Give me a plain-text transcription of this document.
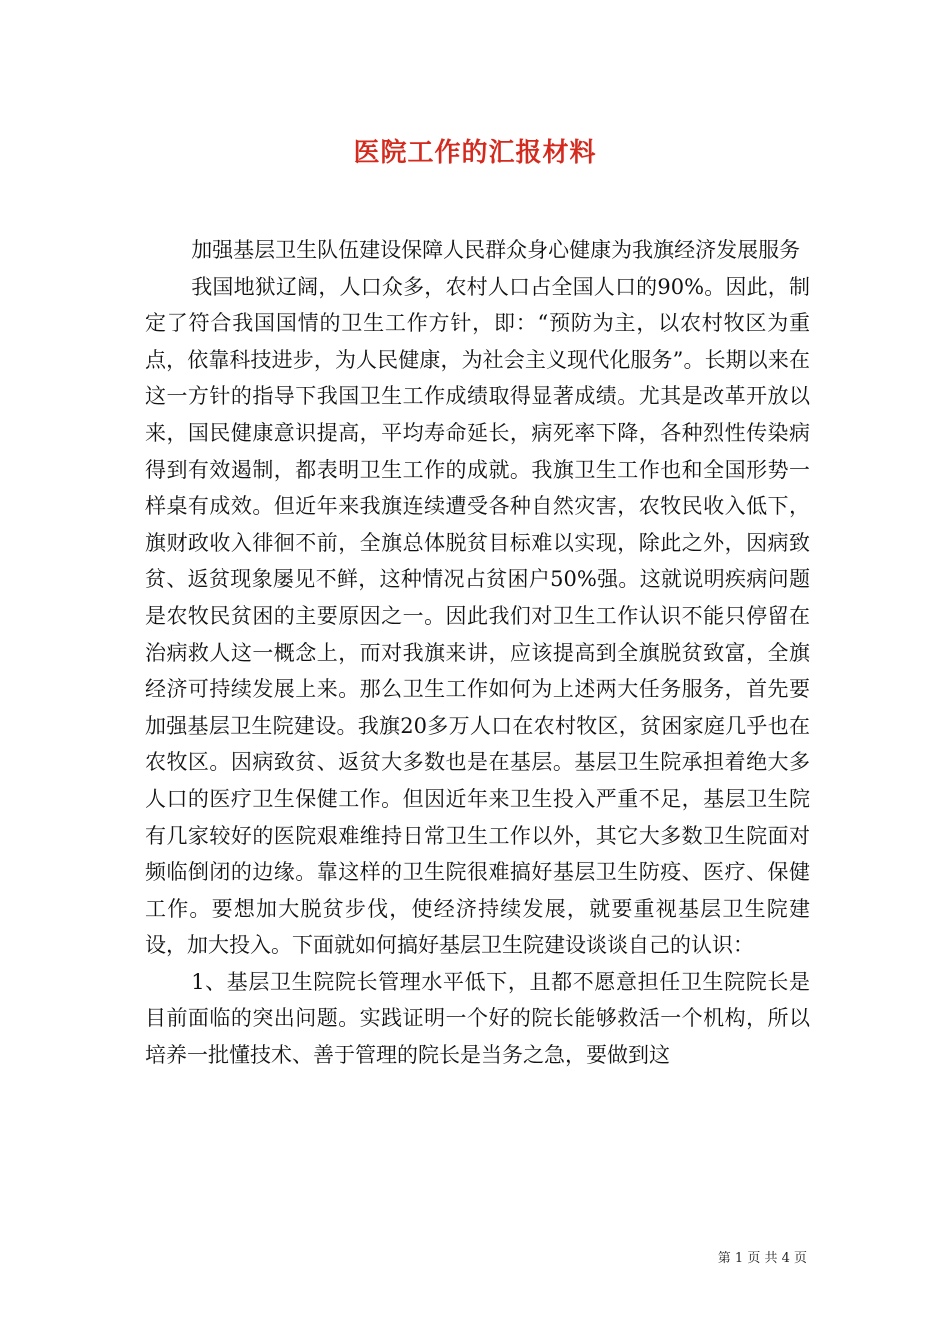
医院工作的汇报材料

加强基层卫生队伍建设保障人民群众身心健康为我旗经济发展服务

我国地狱辽阔，人口众多，农村人口占全国人口的90%。因此，制定了符合我国国情的卫生工作方针，即：“预防为主，以农村牧区为重点，依靠科技进步，为人民健康，为社会主义现代化服务”。长期以来在这一方针的指导下我国卫生工作成绩取得显著成绩。尤其是改革开放以来，国民健康意识提高，平均寿命延长，病死率下降，各种烈性传染病得到有效遏制，都表明卫生工作的成就。我旗卫生工作也和全国形势一样桌有成效。但近年来我旗连续遭受各种自然灾害，农牧民收入低下，旗财政收入徘徊不前，全旗总体脱贫目标难以实现，除此之外，因病致贫、返贫现象屡见不鲜，这种情况占贫困户50%强。这就说明疾病问题是农牧民贫困的主要原因之一。因此我们对卫生工作认识不能只停留在治病救人这一概念上，而对我旗来讲，应该提高到全旗脱贫致富，全旗经济可持续发展上来。那么卫生工作如何为上述两大任务服务，首先要加强基层卫生院建设。我旗20多万人口在农村牧区，贫困家庭几乎也在农牧区。因病致贫、返贫大多数也是在基层。基层卫生院承担着绝大多人口的医疗卫生保健工作。但因近年来卫生投入严重不足，基层卫生院有几家较好的医院艰难维持日常卫生工作以外，其它大多数卫生院面对频临倒闭的边缘。靠这样的卫生院很难搞好基层卫生防疫、医疗、保健工作。要想加大脱贫步伐，使经济持续发展，就要重视基层卫生院建设，加大投入。下面就如何搞好基层卫生院建设谈谈自己的认识：

1、基层卫生院院长管理水平低下，且都不愿意担任卫生院院长是目前面临的突出问题。实践证明一个好的院长能够救活一个机构，所以培养一批懂技术、善于管理的院长是当务之急，要做到这

第 1 页 共 4 页
